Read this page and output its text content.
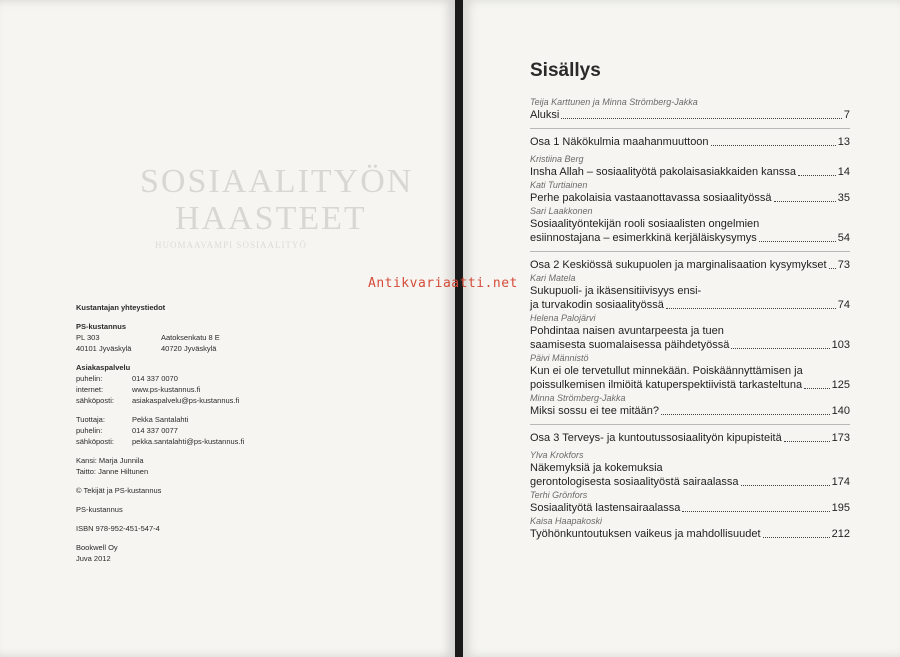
SOSIAALITYÖN
HAASTEET
HUOMAAVAMPI SOSIAALITYÖ
Kustantajan yhteystiedot
PS-kustannus
PL 303	Aatoksenkatu 8 E
40101 Jyväskylä	40720 Jyväskylä
Asiakaspalvelu
puhelin:	014 337 0070
internet:	www.ps-kustannus.fi
sähköposti:	asiakaspalvelu@ps-kustannus.fi
Tuottaja:	Pekka Santalahti
puhelin:	014 337 0077
sähköposti:	pekka.santalahti@ps-kustannus.fi
Kansi: Marja Junnila
Taitto: Janne Hiltunen
© Tekijät ja PS-kustannus
PS-kustannus
ISBN 978-952-451-547-4
Bookwell Oy
Juva 2012
Sisällys
Teija Karttunen ja Minna Strömberg-Jakka
Aluksi	7
Osa 1 Näkökulmia maahanmuuttoon	13
Kristiina Berg
Insha Allah – sosiaalityötä pakolaisasiakkaiden kanssa	14
Kati Turtiainen
Perhe pakolaisia vastaanottavassa sosiaalityössä	35
Sari Laakkonen
Sosiaalityöntekijän rooli sosiaalisten ongelmien
esiinnostajana – esimerkkinä kerjäläiskysymys	54
Osa 2 Keskiössä sukupuolen ja marginalisaation kysymykset 73
Kari Matela
Sukupuoli- ja ikäsensitiivisyys ensi-
ja turvakodin sosiaalityössä	74
Helena Palojärvi
Pohdintaa naisen avuntarpeesta ja tuen
saamisesta suomalaisessa päihdetyössä	103
Päivi Männistö
Kun ei ole tervetullut minnekään. Poiskäännyttämisen ja
poissulkemisen ilmiöitä katuperspektiivistä tarkasteltuna	125
Minna Strömberg-Jakka
Miksi sossu ei tee mitään?	140
Osa 3 Terveys- ja kuntoutussosiaalityön kipupisteitä	173
Ylva Krokfors
Näkemyksiä ja kokemuksia
gerontologisesta sosiaalityöstä sairaalassa	174
Terhi Grönfors
Sosiaalityötä lastensairaalassa	195
Kaisa Haapakoski
Työhönkuntoutuksen vaikeus ja mahdollisuudet	212
Antikvariaatti.net
